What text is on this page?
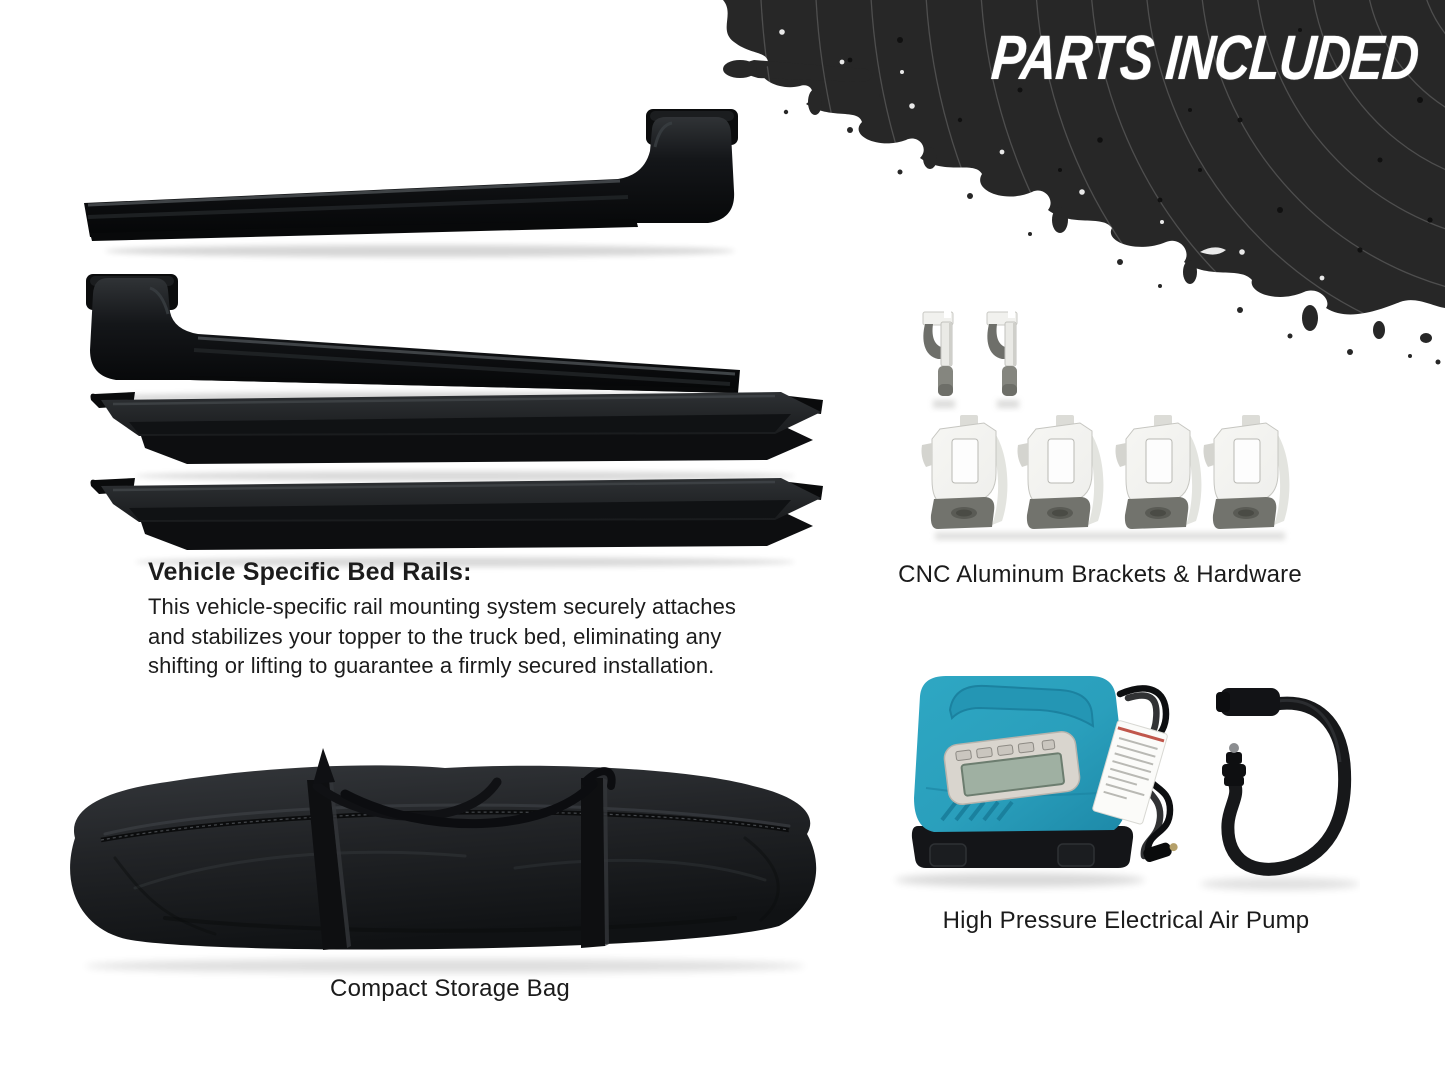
PARTS INCLUDED
Vehicle Specific Bed Rails:

This vehicle-specific rail mounting system securely attaches and stabilizes your topper to the truck bed, eliminating any shifting or lifting to guarantee a firmly secured installation.

CNC Aluminum Brackets & Hardware
High Pressure Electrical Air Pump
Compact Storage Bag
